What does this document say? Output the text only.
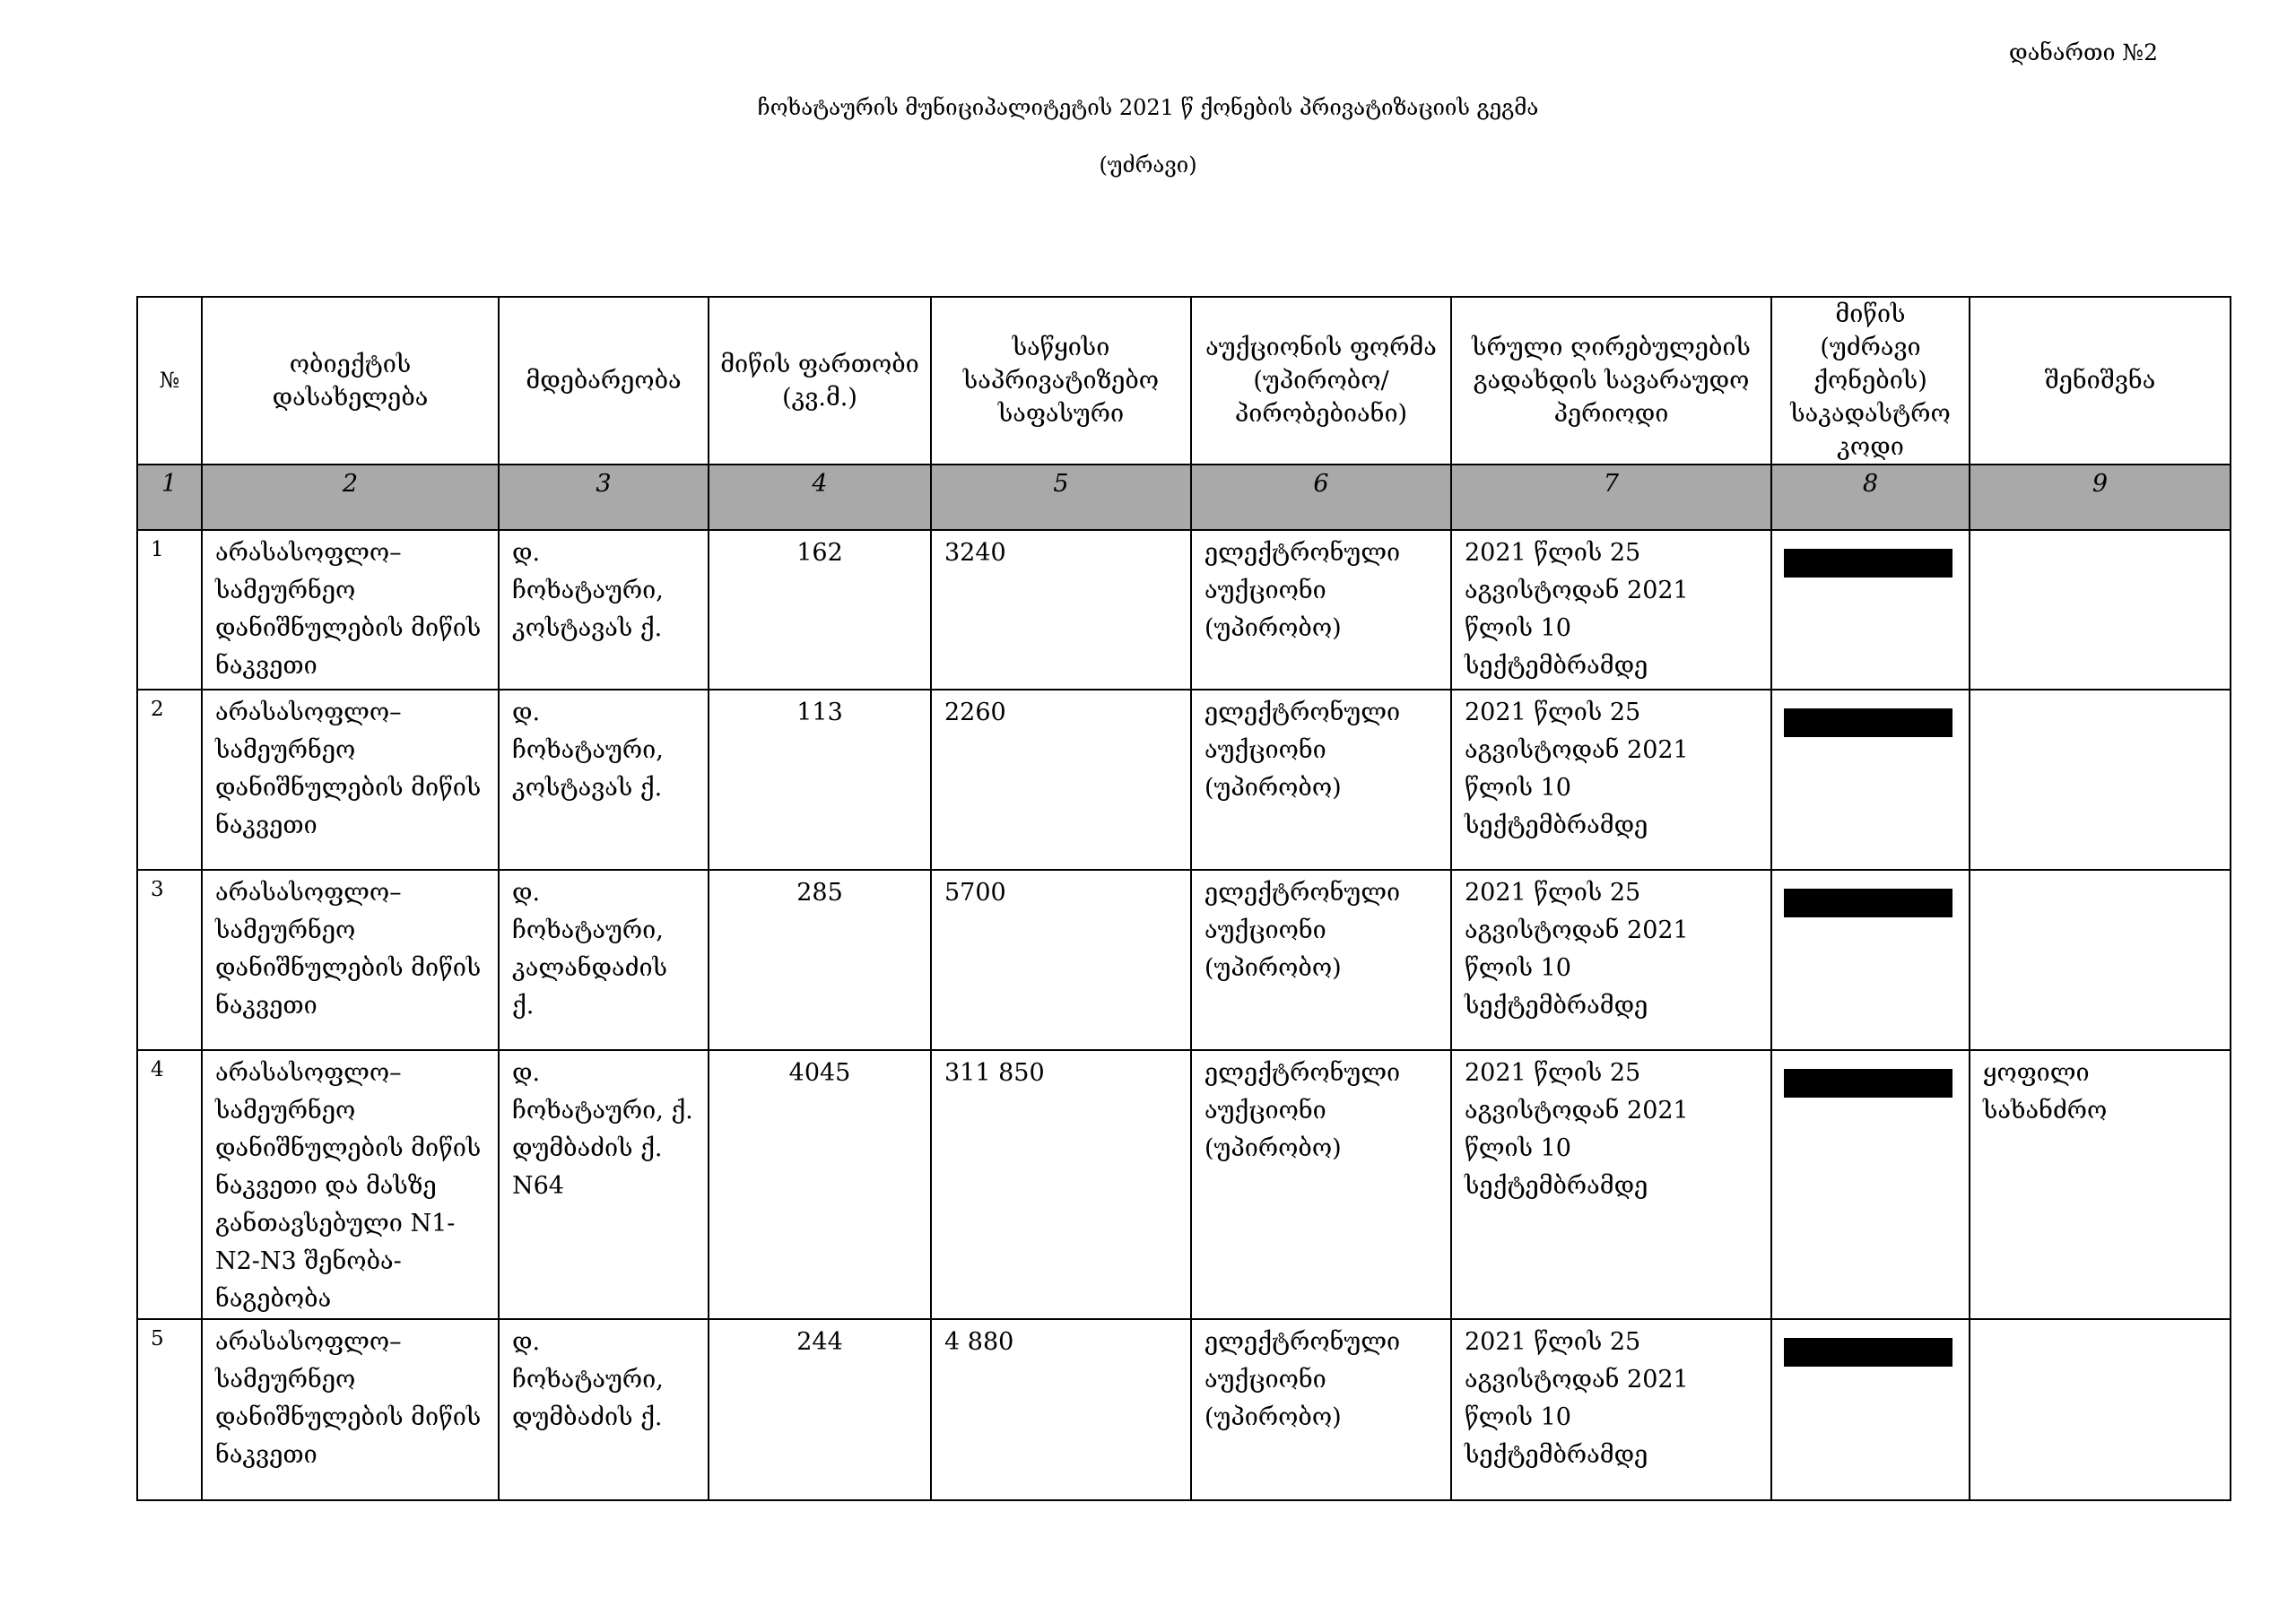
დანართი №2
ჩოხატაურის მუნიციპალიტეტის 2021 წ ქონების პრივატიზაციის გეგმა
(უძრავი)
№	ობიექტის დასახელება	მდებარეობა	მიწის ფართობი (კვ.მ.)	საწყისი საპრივატიზებო საფასური	აუქციონის ფორმა (უპირობო/ პირობებიანი)	სრული ღირებულების გადახდის სავარაუდო პერიოდი	მიწის (უძრავი ქონების) საკადასტრო კოდი	შენიშვნა
1	2	3	4	5	6	7	8	9
1	არასასოფლო–სამეურნეო დანიშნულების მიწის ნაკვეთი	დ. ჩოხატაური, კოსტავას ქ.	162	3240	ელექტრონული აუქციონი (უპირობო)	2021 წლის 25 აგვისტოდან 2021 წლის 10 სექტემბრამდე	

2	არასასოფლო–სამეურნეო დანიშნულების მიწის ნაკვეთი	დ. ჩოხატაური, კოსტავას ქ.	113	2260	ელექტრონული აუქციონი (უპირობო)	2021 წლის 25 აგვისტოდან 2021 წლის 10 სექტემბრამდე	

3	არასასოფლო–სამეურნეო დანიშნულების მიწის ნაკვეთი	დ. ჩოხატაური, კალანდაძის ქ.	285	5700	ელექტრონული აუქციონი (უპირობო)	2021 წლის 25 აგვისტოდან 2021 წლის 10 სექტემბრამდე	

4	არასასოფლო–სამეურნეო დანიშნულების მიწის ნაკვეთი და მასზე განთავსებული N1-N2-N3 შენობა-ნაგებობა	დ. ჩოხატაური, ქ. დუმბაძის ქ. N64	4045	311 850	ელექტრონული აუქციონი (უპირობო)	2021 წლის 25 აგვისტოდან 2021 წლის 10 სექტემბრამდე		ყოფილი სახანძრო
5	არასასოფლო–სამეურნეო დანიშნულების მიწის ნაკვეთი	დ. ჩოხატაური, დუმბაძის ქ.	244	4 880	ელექტრონული აუქციონი (უპირობო)	2021 წლის 25 აგვისტოდან 2021 წლის 10 სექტემბრამდე	
